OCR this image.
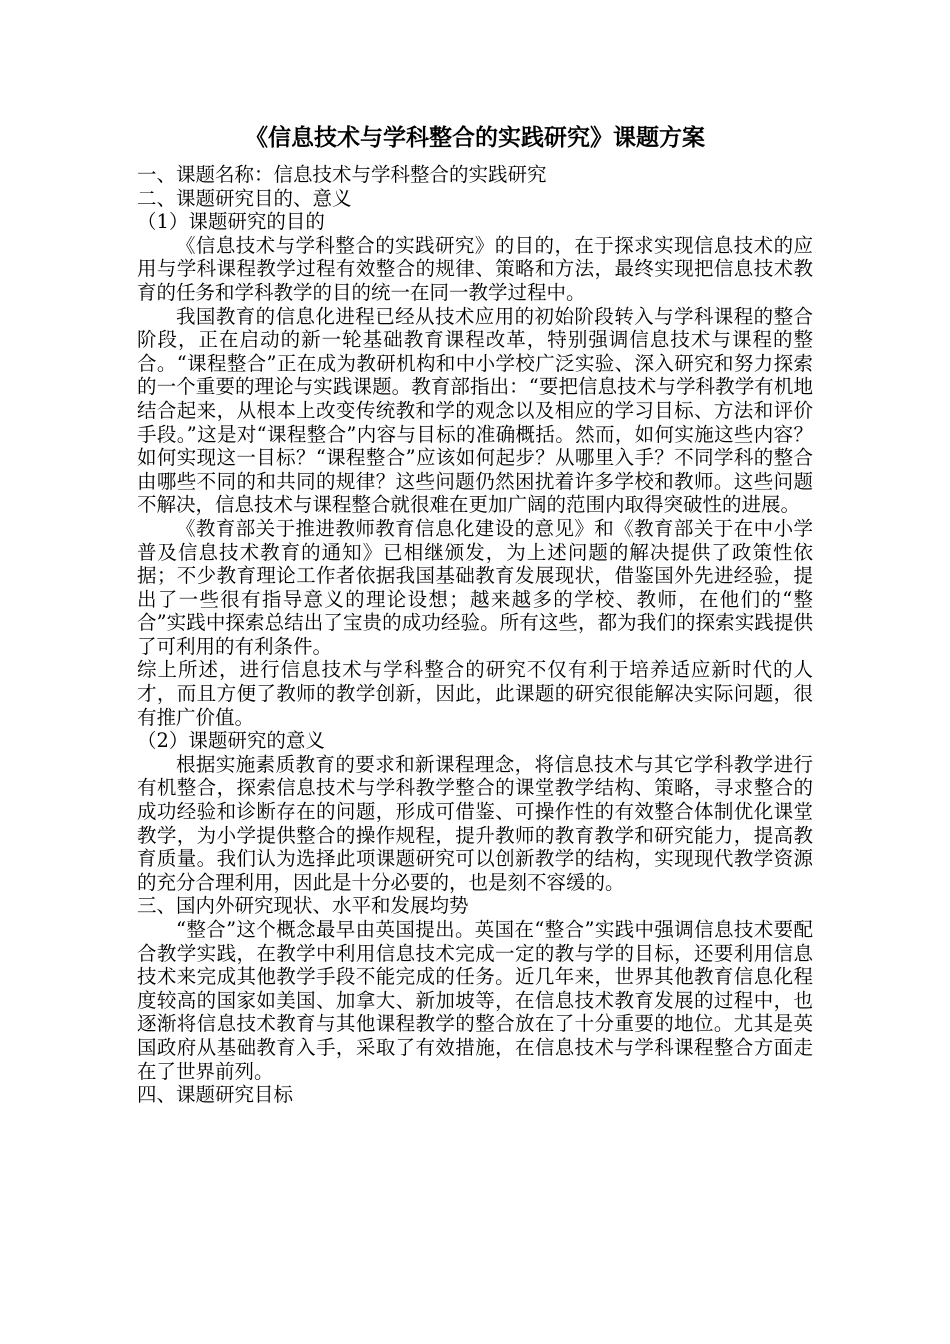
《信息技术与学科整合的实践研究》课题方案

一、课题名称：信息技术与学科整合的实践研究

二、课题研究目的、意义

（1）课题研究的目的

《信息技术与学科整合的实践研究》的目的，在于探求实现信息技术的应用与学科课程教学过程有效整合的规律、策略和方法，最终实现把信息技术教育的任务和学科教学的目的统一在同一教学过程中。

我国教育的信息化进程已经从技术应用的初始阶段转入与学科课程的整合阶段，正在启动的新一轮基础教育课程改革，特别强调信息技术与课程的整合。“课程整合”正在成为教研机构和中小学校广泛实验、深入研究和努力探索的一个重要的理论与实践课题。教育部指出：“要把信息技术与学科教学有机地结合起来，从根本上改变传统教和学的观念以及相应的学习目标、方法和评价手段。”这是对“课程整合”内容与目标的准确概括。然而，如何实施这些内容？如何实现这一目标？“课程整合”应该如何起步？从哪里入手？不同学科的整合由哪些不同的和共同的规律？这些问题仍然困扰着许多学校和教师。这些问题不解决，信息技术与课程整合就很难在更加广阔的范围内取得突破性的进展。

《教育部关于推进教师教育信息化建设的意见》和《教育部关于在中小学普及信息技术教育的通知》已相继颁发，为上述问题的解决提供了政策性依据；不少教育理论工作者依据我国基础教育发展现状，借鉴国外先进经验，提出了一些很有指导意义的理论设想；越来越多的学校、教师，在他们的“整合”实践中探索总结出了宝贵的成功经验。所有这些，都为我们的探索实践提供了可利用的有利条件。

综上所述，进行信息技术与学科整合的研究不仅有利于培养适应新时代的人才，而且方便了教师的教学创新，因此，此课题的研究很能解决实际问题，很有推广价值。

（2）课题研究的意义

根据实施素质教育的要求和新课程理念，将信息技术与其它学科教学进行有机整合，探索信息技术与学科教学整合的课堂教学结构、策略，寻求整合的成功经验和诊断存在的问题，形成可借鉴、可操作性的有效整合体制优化课堂教学，为小学提供整合的操作规程，提升教师的教育教学和研究能力，提高教育质量。我们认为选择此项课题研究可以创新教学的结构，实现现代教学资源的充分合理利用，因此是十分必要的，也是刻不容缓的。

三、国内外研究现状、水平和发展均势

“整合”这个概念最早由英国提出。英国在“整合”实践中强调信息技术要配合教学实践，在教学中利用信息技术完成一定的教与学的目标，还要利用信息技术来完成其他教学手段不能完成的任务。近几年来，世界其他教育信息化程度较高的国家如美国、加拿大、新加坡等，在信息技术教育发展的过程中，也逐渐将信息技术教育与其他课程教学的整合放在了十分重要的地位。尤其是英国政府从基础教育入手，采取了有效措施，在信息技术与学科课程整合方面走在了世界前列。

四、课题研究目标
